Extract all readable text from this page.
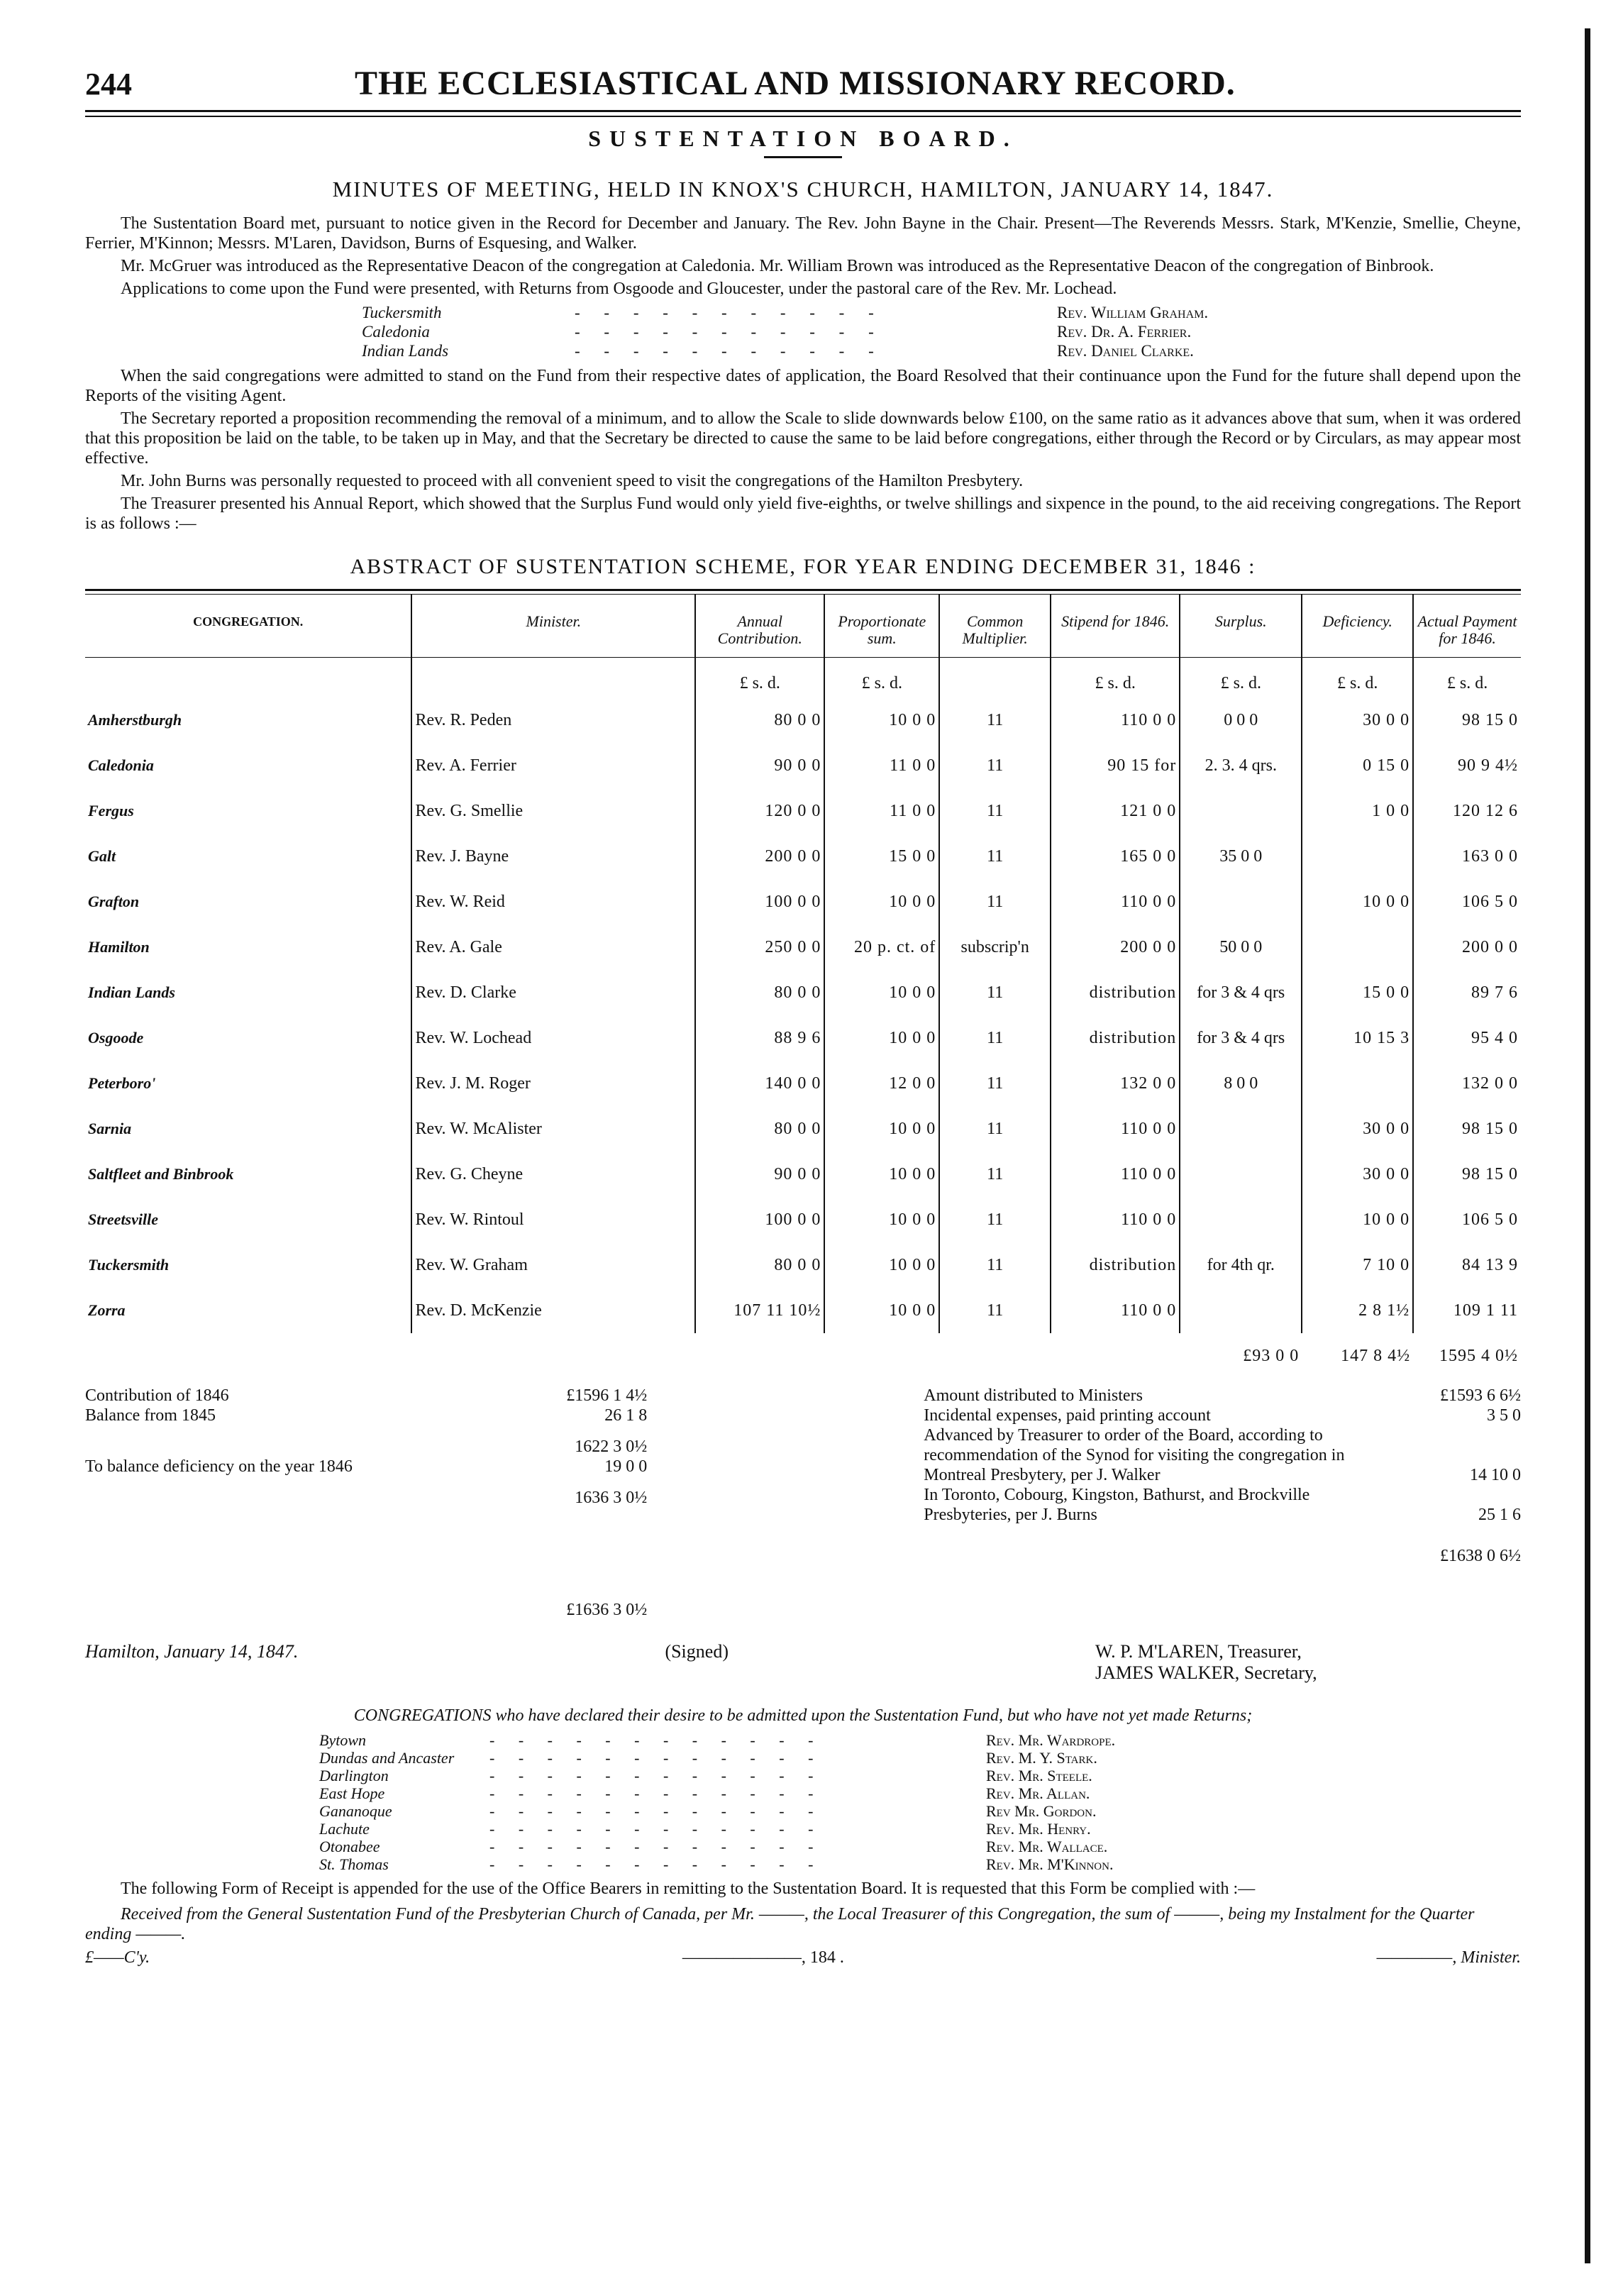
244	THE ECCLESIASTICAL AND MISSIONARY RECORD.
SUSTENTATION BOARD.
MINUTES OF MEETING, HELD IN KNOX'S CHURCH, HAMILTON, JANUARY 14, 1847.

The Sustentation Board met, pursuant to notice given in the Record for December and January. The Rev. John Bayne in the Chair. Present—The Reverends Messrs. Stark, M'Kenzie, Smellie, Cheyne, Ferrier, M'Kinnon; Messrs. M'Laren, Davidson, Burns of Esquesing, and Walker.

Mr. McGruer was introduced as the Representative Deacon of the congregation at Caledonia. Mr. William Brown was introduced as the Representative Deacon of the congregation of Binbrook.

Applications to come upon the Fund were presented, with Returns from Osgoode and Gloucester, under the pastoral care of the Rev. Mr. Lochead.

Tuckersmith	- - - - - - - - - - -	Rev. William Graham.
Caledonia	- - - - - - - - - - -	Rev. Dr. A. Ferrier.
Indian Lands	- - - - - - - - - - -	Rev. Daniel Clarke.

When the said congregations were admitted to stand on the Fund from their respective dates of application, the Board Resolved that their continuance upon the Fund for the future shall depend upon the Reports of the visiting Agent.

The Secretary reported a proposition recommending the removal of a minimum, and to allow the Scale to slide downwards below £100, on the same ratio as it advances above that sum, when it was ordered that this proposition be laid on the table, to be taken up in May, and that the Secretary be directed to cause the same to be laid before congregations, either through the Record or by Circulars, as may appear most effective.

Mr. John Burns was personally requested to proceed with all convenient speed to visit the congregations of the Hamilton Presbytery.

The Treasurer presented his Annual Report, which showed that the Surplus Fund would only yield five-eighths, or twelve shillings and sixpence in the pound, to the aid receiving congregations. The Report is as follows :—

ABSTRACT OF SUSTENTATION SCHEME, FOR YEAR ENDING DECEMBER 31, 1846 :
CONGREGATION.	Minister.	Annual Contribution.	Proportionate sum.	Common Multiplier.	Stipend for 1846.	Surplus.	Deficiency.	Actual Payment for 1846.
		£ s. d.	£ s. d.		£ s. d.	£ s. d.	£ s. d.	£ s. d.
Amherstburgh	Rev. R. Peden	80 0 0	10 0 0	11	110 0 0	0 0 0	30 0 0	98 15 0
Caledonia	Rev. A. Ferrier	90 0 0	11 0 0	11	90 15 for	2. 3. 4 qrs.	0 15 0	90 9 4½
Fergus	Rev. G. Smellie	120 0 0	11 0 0	11	121 0 0		1 0 0	120 12 6
Galt	Rev. J. Bayne	200 0 0	15 0 0	11	165 0 0	35 0 0		163 0 0
Grafton	Rev. W. Reid	100 0 0	10 0 0	11	110 0 0		10 0 0	106 5 0
Hamilton	Rev. A. Gale	250 0 0	20 p. ct. of	subscrip'n	200 0 0	50 0 0		200 0 0
Indian Lands	Rev. D. Clarke	80 0 0	10 0 0	11	distribution	for 3 & 4 qrs	15 0 0	89 7 6
Osgoode	Rev. W. Lochead	88 9 6	10 0 0	11	distribution	for 3 & 4 qrs	10 15 3	95 4 0
Peterboro'	Rev. J. M. Roger	140 0 0	12 0 0	11	132 0 0	8 0 0		132 0 0
Sarnia	Rev. W. McAlister	80 0 0	10 0 0	11	110 0 0		30 0 0	98 15 0
Saltfleet and Binbrook	Rev. G. Cheyne	90 0 0	10 0 0	11	110 0 0		30 0 0	98 15 0
Streetsville	Rev. W. Rintoul	100 0 0	10 0 0	11	110 0 0		10 0 0	106 5 0
Tuckersmith	Rev. W. Graham	80 0 0	10 0 0	11	distribution	for 4th qr.	7 10 0	84 13 9
Zorra	Rev. D. McKenzie	107 11 10½	10 0 0	11	110 0 0		2 8 1½	109 1 11
						£93 0 0	147 8 4½	1595 4 0½
Contribution of 1846	£1596 1 4½
Balance from 1845	26 1 8
1622 3 0½
To balance deficiency on the year 1846	19 0 0
1636 3 0½
£1636 3 0½
Amount distributed to Ministers	£1593 6 6½
Incidental expenses, paid printing account	3 5 0
Advanced by Treasurer to order of the Board, according to recommendation of the Synod for visiting the congregation in Montreal Presbytery, per J. Walker	14 10 0
In Toronto, Cobourg, Kingston, Bathurst, and Brockville Presbyteries, per J. Burns	25 1 6
£1638 0 6½
Hamilton, January 14, 1847.	(Signed)	W. P. M'LAREN, Treasurer,
JAMES WALKER, Secretary,
CONGREGATIONS who have declared their desire to be admitted upon the Sustentation Fund, but who have not yet made Returns;
Bytown	- - - - - - - - - - - -	Rev. Mr. Wardrope.
Dundas and Ancaster	- - - - - - - - - - - -	Rev. M. Y. Stark.
Darlington	- - - - - - - - - - - -	Rev. Mr. Steele.
East Hope	- - - - - - - - - - - -	Rev. Mr. Allan.
Gananoque	- - - - - - - - - - - -	Rev Mr. Gordon.
Lachute	- - - - - - - - - - - -	Rev. Mr. Henry.
Otonabee	- - - - - - - - - - - -	Rev. Mr. Wallace.
St. Thomas	- - - - - - - - - - - -	Rev. Mr. M'Kinnon.

The following Form of Receipt is appended for the use of the Office Bearers in remitting to the Sustentation Board. It is requested that this Form be complied with :—

Received from the General Sustentation Fund of the Presbyterian Church of Canada, per Mr. ———, the Local Treasurer of this Congregation, the sum of ———, being my Instalment for the Quarter ending ———.

£——C'y.	———————, 184 .	—————, Minister.
